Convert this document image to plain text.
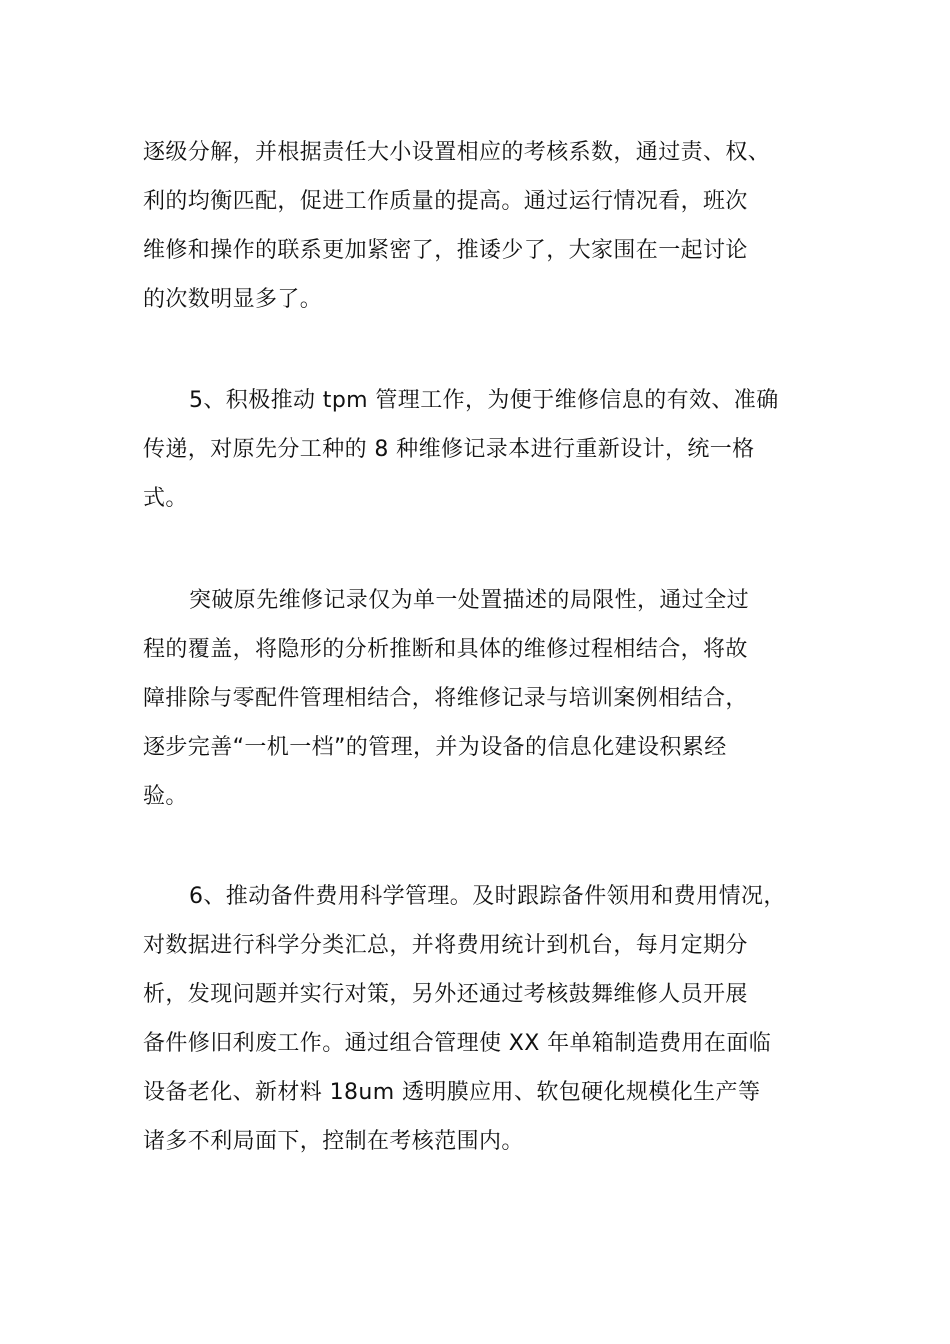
逐级分解，并根据责任大小设置相应的考核系数，通过责、权、
利的均衡匹配，促进工作质量的提高。通过运行情况看，班次
维修和操作的联系更加紧密了，推诿少了，大家围在一起讨论
的次数明显多了。

5、积极推动 tpm 管理工作，为便于维修信息的有效、准确
传递，对原先分工种的 8 种维修记录本进行重新设计，统一格
式。

突破原先维修记录仅为单一处置描述的局限性，通过全过
程的覆盖，将隐形的分析推断和具体的维修过程相结合，将故
障排除与零配件管理相结合，将维修记录与培训案例相结合，
逐步完善“一机一档”的管理，并为设备的信息化建设积累经
验。

6、推动备件费用科学管理。及时跟踪备件领用和费用情况，
对数据进行科学分类汇总，并将费用统计到机台，每月定期分
析，发现问题并实行对策，另外还通过考核鼓舞维修人员开展
备件修旧利废工作。通过组合管理使 XX 年单箱制造费用在面临
设备老化、新材料 18um 透明膜应用、软包硬化规模化生产等
诸多不利局面下，控制在考核范围内。
